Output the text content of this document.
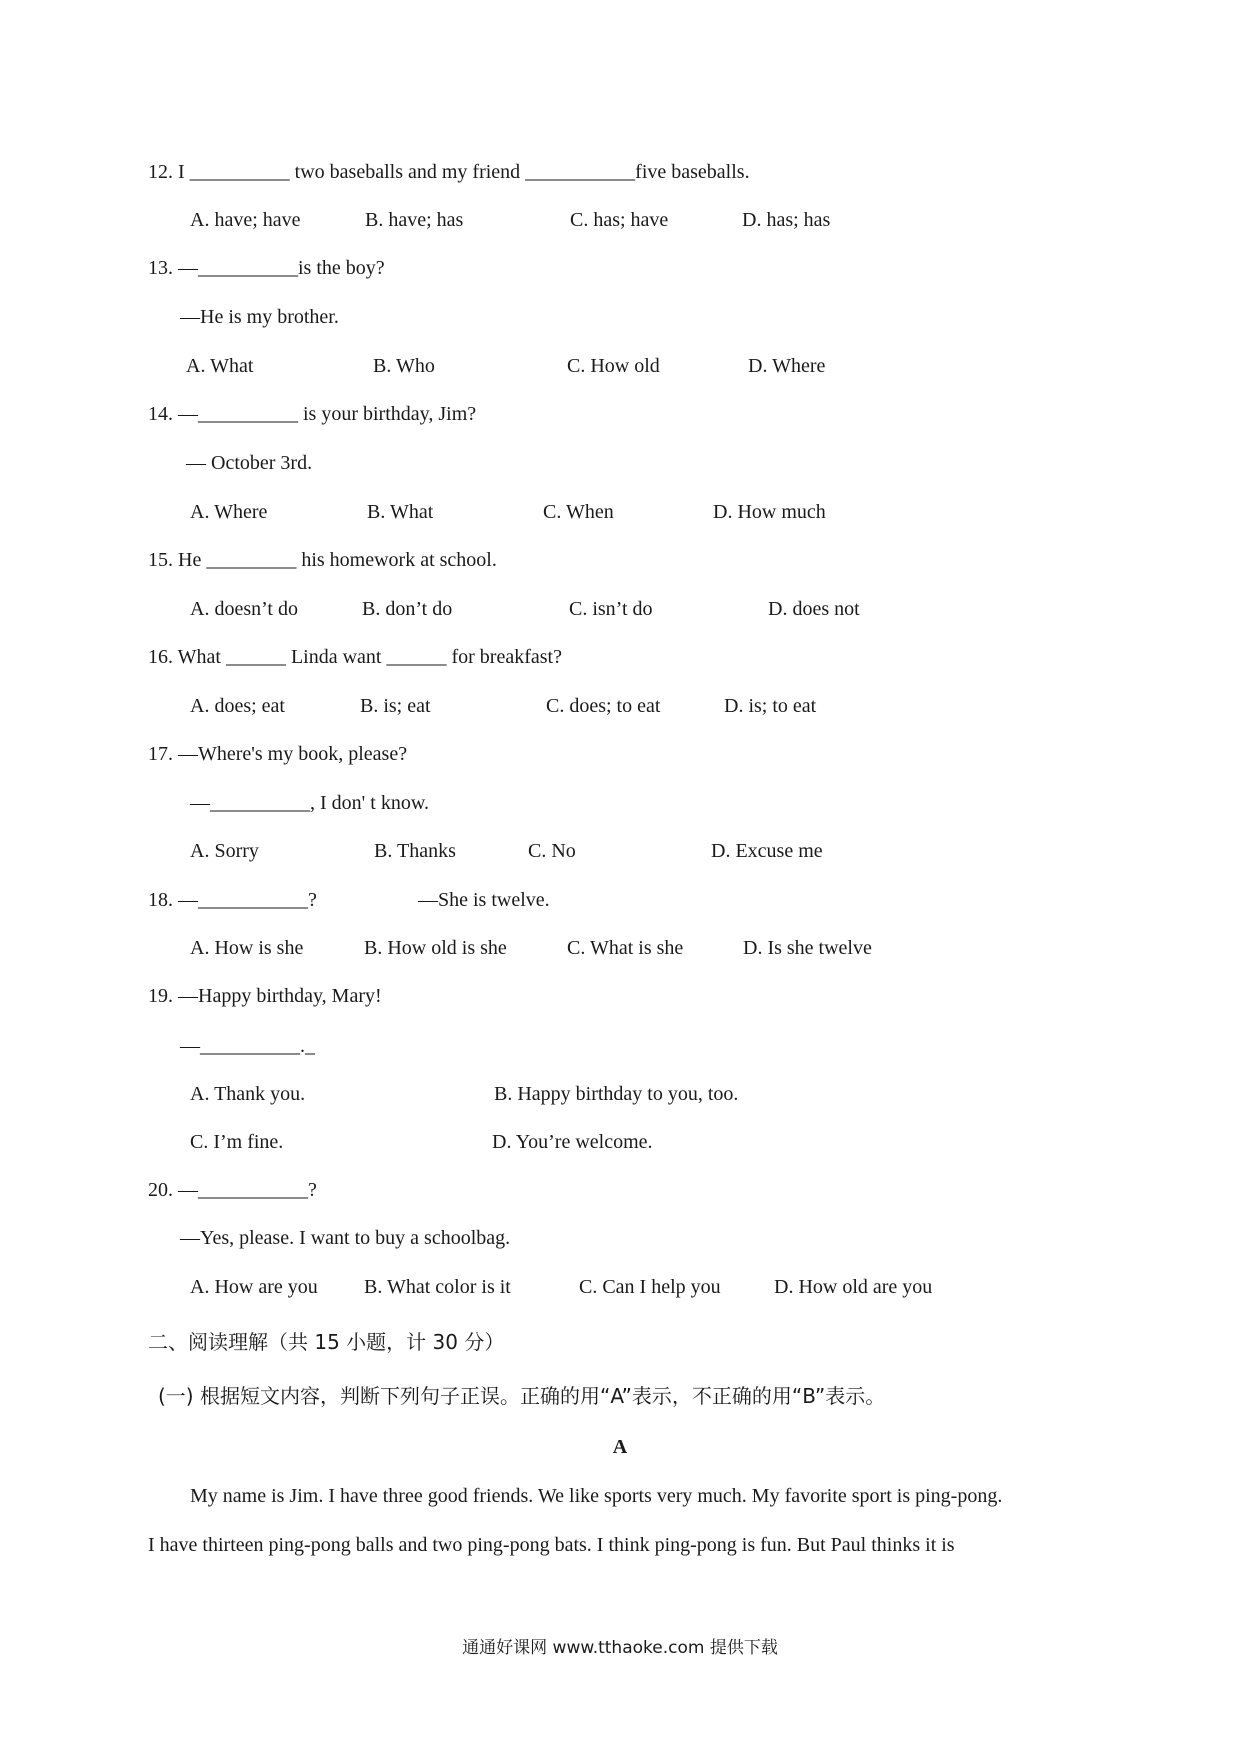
12. I __________ two baseballs and my friend ___________five baseballs.
A. have; have	B. have; has	C. has; have	D. has; has
13. —__________is the boy?
—He is my brother.
A. What	B. Who	C. How old	D. Where
14. —__________ is your birthday, Jim?
— October 3rd.
A. Where	B. What	C. When	D. How much
15. He _________ his homework at school.
A. doesn’t do	B. don’t do	C. isn’t do	D. does not
16. What ______ Linda want ______ for breakfast?
A. does; eat	B. is; eat	C. does; to eat	D. is; to eat
17. —Where's my book, please?
—__________, I don' t know.
A. Sorry	B. Thanks	C. No	D. Excuse me
18. —___________?	—She is twelve.
A. How is she	B. How old is she	C. What is she	D. Is she twelve
19. —Happy birthday, Mary!
—__________._
A. Thank you.	B. Happy birthday to you, too.
C. I’m fine.	D. You’re welcome.
20. —___________?
—Yes, please. I want to buy a schoolbag.
A. How are you B. What color is it	C. Can I help you	D. How old are you
二、阅读理解（共 15 小题，计 30 分）
(一) 根据短文内容，判断下列句子正误。正确的用“A”表示，不正确的用“B”表示。
A
My name is Jim. I have three good friends. We like sports very much. My favorite sport is ping-pong.
I have thirteen ping-pong balls and two ping-pong bats. I think ping-pong is fun. But Paul thinks it is
通通好课网 www.tthaoke.com 提供下载
